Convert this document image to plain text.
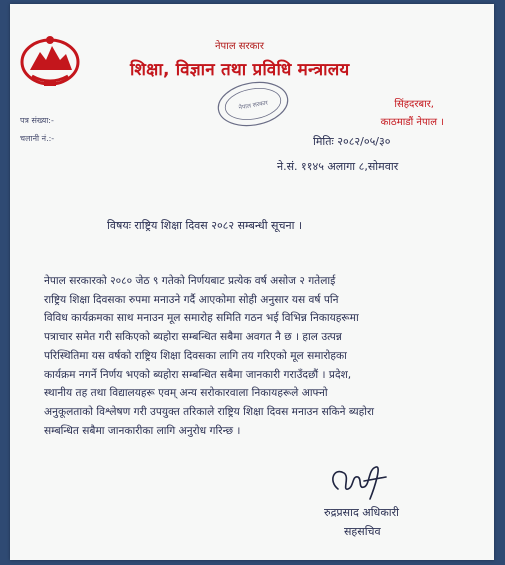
नेपाल सरकार
शिक्षा, विज्ञान तथा प्रविधि मन्त्रालय
नेपाल सरकार	सिंहदरबार,
काठमाडौं नेपाल ।
पत्र संख्या:-
चलानी नं.:-	मितिः २०८२/०५/३०
ने.सं. ११४५ अलागा ८,सोमवार
विषयः राष्ट्रिय शिक्षा दिवस २०८२ सम्बन्धी सूचना ।
नेपाल सरकारको २०८० जेठ ९ गतेको निर्णयबाट प्रत्येक वर्ष असोज २ गतेलाई
राष्ट्रिय शिक्षा दिवसका रुपमा मनाउने गर्दै आएकोमा सोही अनुसार यस वर्ष पनि
विविध कार्यक्रमका साथ मनाउन मूल समारोह समिति गठन भई विभिन्न निकायहरूमा
पत्राचार समेत गरी सकिएको ब्यहोरा सम्बन्धित सबैमा अवगत नै छ । हाल उत्पन्न
परिस्थितिमा यस वर्षको राष्ट्रिय शिक्षा दिवसका लागि तय गरिएको मूल समारोहका
कार्यक्रम नगर्ने निर्णय भएको ब्यहोरा सम्बन्धित सबैमा जानकारी गराउँदछौं । प्रदेश,
स्थानीय तह तथा विद्यालयहरू एवम् अन्य सरोकारवाला निकायहरूले आफ्नो
अनुकूलताको विश्लेषण गरी उपयुक्त तरिकाले राष्ट्रिय शिक्षा दिवस मनाउन सकिने ब्यहोरा
सम्बन्धित सबैमा जानकारीका लागि अनुरोध गरिन्छ ।
रुद्रप्रसाद अधिकारी
सहसचिव
